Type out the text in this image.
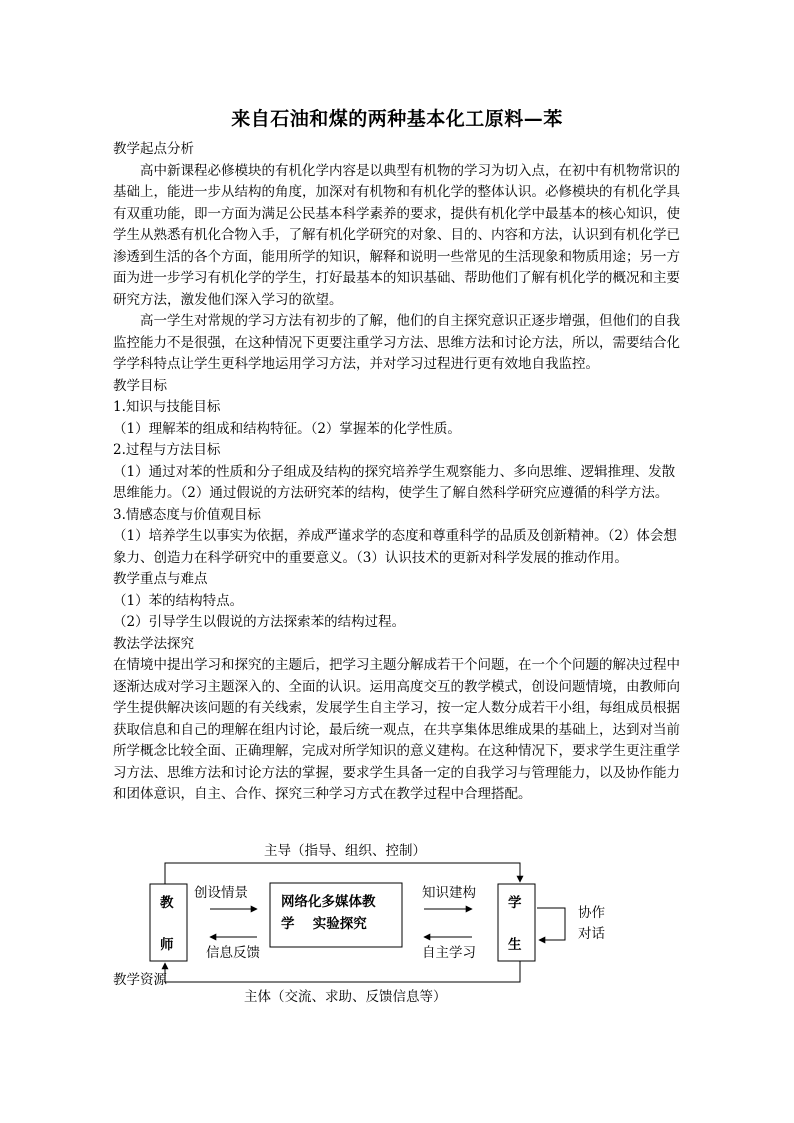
来自石油和煤的两种基本化工原料—苯

教学起点分析

高中新课程必修模块的有机化学内容是以典型有机物的学习为切入点，在初中有机物常识的基础上，能进一步从结构的角度，加深对有机物和有机化学的整体认识。必修模块的有机化学具有双重功能，即一方面为满足公民基本科学素养的要求，提供有机化学中最基本的核心知识，使学生从熟悉有机化合物入手，了解有机化学研究的对象、目的、内容和方法，认识到有机化学已渗透到生活的各个方面，能用所学的知识，解释和说明一些常见的生活现象和物质用途；另一方面为进一步学习有机化学的学生，打好最基本的知识基础、帮助他们了解有机化学的概况和主要研究方法，激发他们深入学习的欲望。

高一学生对常规的学习方法有初步的了解，他们的自主探究意识正逐步增强，但他们的自我监控能力不是很强，在这种情况下更要注重学习方法、思维方法和讨论方法，所以，需要结合化学学科特点让学生更科学地运用学习方法，并对学习过程进行更有效地自我监控。

教学目标

1.知识与技能目标

（1）理解苯的组成和结构特征。（2）掌握苯的化学性质。

2.过程与方法目标

（1）通过对苯的性质和分子组成及结构的探究培养学生观察能力、多向思维、逻辑推理、发散思维能力。（2）通过假说的方法研究苯的结构，使学生了解自然科学研究应遵循的科学方法。

3.情感态度与价值观目标

（1）培养学生以事实为依据，养成严谨求学的态度和尊重科学的品质及创新精神。（2）体会想象力、创造力在科学研究中的重要意义。（3）认识技术的更新对科学发展的推动作用。

教学重点与难点

（1）苯的结构特点。

（2）引导学生以假说的方法探索苯的结构过程。

教法学法探究

在情境中提出学习和探究的主题后，把学习主题分解成若干个问题，在一个个问题的解决过程中逐渐达成对学习主题深入的、全面的认识。运用高度交互的教学模式，创设问题情境，由教师向学生提供解决该问题的有关线索，发展学生自主学习，按一定人数分成若干小组，每组成员根据获取信息和自己的理解在组内讨论，最后统一观点，在共享集体思维成果的基础上，达到对当前所学概念比较全面、正确理解，完成对所学知识的意义建构。在这种情况下，要求学生更注重学习方法、思维方法和讨论方法的掌握，要求学生具备一定的自我学习与管理能力，以及协作能力和团体意识，自主、合作、探究三种学习方式在教学过程中合理搭配。

主导（指导、组织、控制）
教
师
学
生
网络化多媒体教
学　 实验探究
创设情景
信息反馈
知识建构
自主学习
协作
对话
教学资源
主体（交流、求助、反馈信息等）
